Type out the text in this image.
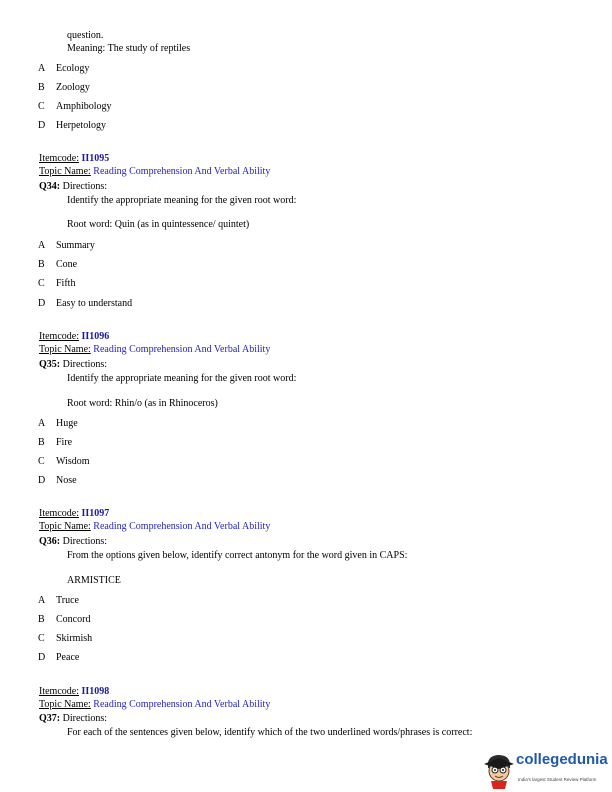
question.
Meaning: The study of reptiles
A Ecology
B Zoology
C Amphibology
D Herpetology
Itemcode: II1095
Topic Name: Reading Comprehension And Verbal Ability
Q34: Directions:
Identify the appropriate meaning for the given root word:
Root word: Quin (as in quintessence/ quintet)
A Summary
B Cone
C Fifth
D Easy to understand
Itemcode: II1096
Topic Name: Reading Comprehension And Verbal Ability
Q35: Directions:
Identify the appropriate meaning for the given root word:
Root word: Rhin/o (as in Rhinoceros)
A Huge
B Fire
C Wisdom
D Nose
Itemcode: II1097
Topic Name: Reading Comprehension And Verbal Ability
Q36: Directions:
From the options given below, identify correct antonym for the word given in CAPS:
ARMISTICE
A Truce
B Concord
C Skirmish
D Peace
Itemcode: II1098
Topic Name: Reading Comprehension And Verbal Ability
Q37: Directions:
For each of the sentences given below, identify which of the two underlined words/phrases is correct:
collegedunia
India's largest Student Review Platform
